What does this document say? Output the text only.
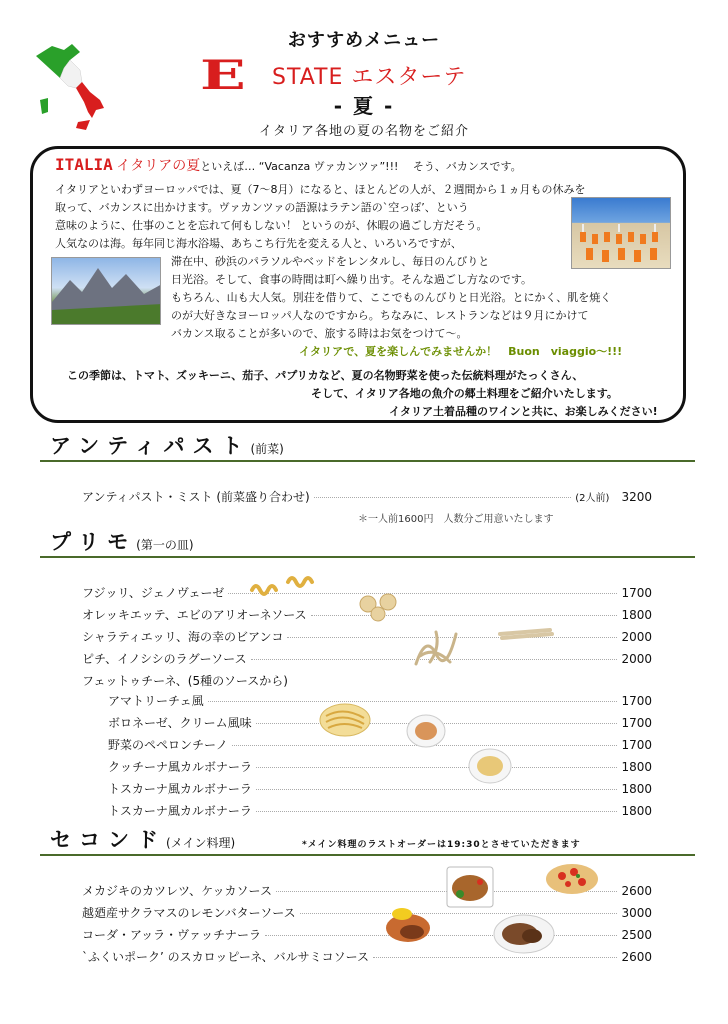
おすすめメニュー
E STATE エスターテ
- 夏 -
イタリア各地の夏の名物をご紹介
ITALIA イタリアの夏といえば… “Vacanza ヴァカンツァ”!!!　 そう、バカンスです。
イタリアといわずヨーロッパでは、夏（7～8月）になると、ほとんどの人が、２週間から１ヵ月もの休みを
取って、バカンスに出かけます。ヴァカンツァの語源はラテン語の`空っぽ’、という
意味のように、仕事のことを忘れて何もしない！ というのが、休暇の過ごし方だそう。
人気なのは海。毎年同じ海水浴場、あちこち行先を変える人と、いろいろですが、
滞在中、砂浜のパラソルやベッドをレンタルし、毎日のんびりと
日光浴。そして、食事の時間は町へ繰り出す。そんな過ごし方なのです。
もちろん、山も大人気。別荘を借りて、ここでものんびりと日光浴。とにかく、肌を焼く
のが大好きなヨーロッパ人なのですから。ちなみに、レストランなどは９月にかけて
バカンス取ることが多いので、旅する時はお気をつけて～。
イタリアで、夏を楽しんでみませんか！　Buon　viaggio～!!!
この季節は、トマト、ズッキーニ、茄子、パプリカなど、夏の名物野菜を使った伝統料理がたっくさん、
そして、イタリア各地の魚介の郷土料理をご紹介いたします。
イタリア土着品種のワインと共に、お楽しみください!
アンティパスト(前菜)
アンティパスト・ミスト (前菜盛り合わせ)	(2人前) 3200
＊一人前1600円　人数分ご用意いたします
プリモ(第一の皿)
フジッリ、ジェノヴェーゼ	1700
オレッキエッテ、エビのアリオーネソース	1800
シャラティエッリ、海の幸のビアンコ	2000
ピチ、イノシシのラグーソース	2000
フェットゥチーネ、(5種のソースから)
アマトリーチェ風	1700
ボロネーゼ、クリーム風味	1700
野菜のペペロンチーノ	1700
クッチーナ風カルボナーラ	1800
トスカーナ風カルボナーラ	1800
トスカーナ風カルボナーラ	1800
セコンド(メイン料理)	*メイン料理のラストオーダーは19:30とさせていただきます
メカジキのカツレツ、ケッカソース	2600
越廼産サクラマスのレモンバターソース	3000
コーダ・アッラ・ヴァッチナーラ	2500
`ふくいポーク’ のスカロッピーネ、バルサミコソース	2600
